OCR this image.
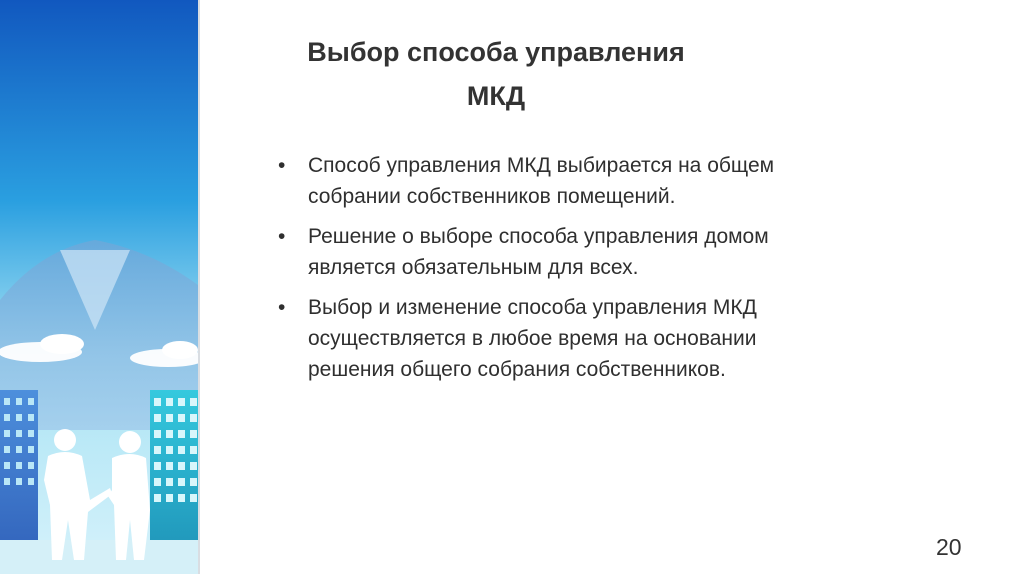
Выбор способа управления
МКД
• Способ управления МКД выбирается на общем собрании собственников помещений.
• Решение о выборе способа управления домом является обязательным для всех.
• Выбор и изменение способа управления МКД осуществляется в любое время на основании решения общего собрания собственников.
20
